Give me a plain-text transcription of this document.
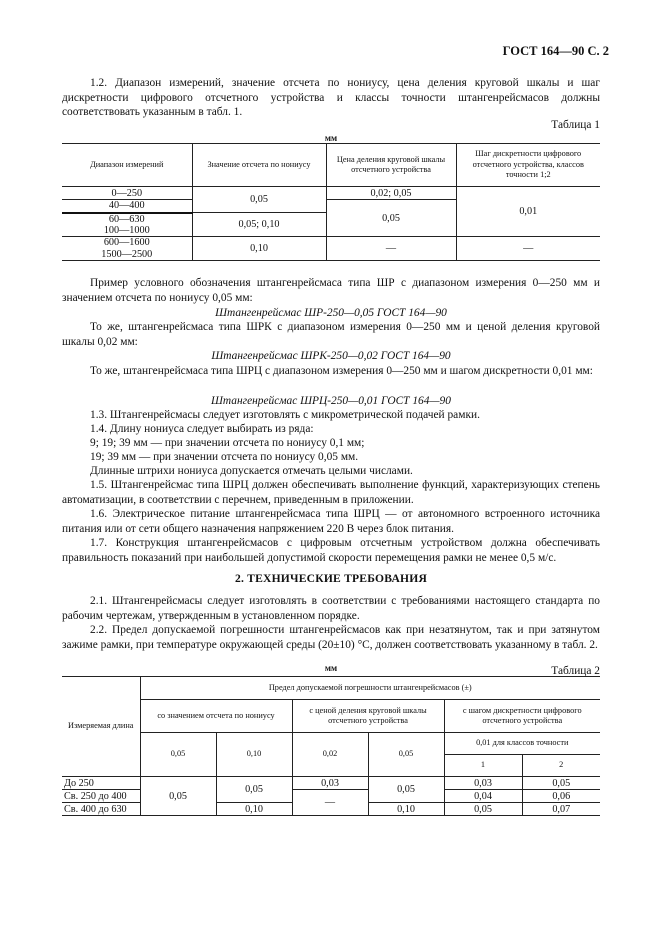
ГОСТ 164—90 С. 2
1.2. Диапазон измерений, значение отсчета по нониусу, цена деления круговой шкалы и шаг дискретности цифрового отсчетного устройства и классы точности штангенрейсмасов должны соответствовать указанным в табл. 1.
Таблица 1
мм
Диапазон измерений	Значение отсчета по нониусу	Цена деления круговой шкалы отсчетного устройства	Шаг дискретности цифрового отсчетного устройства, классов точности 1;2
0—250	0,05	0,02; 0,05	0,01
40—400		0,05	
60—630	0,05; 0,10		
100—1000			
600—1600	0,10	—	—
1500—2500			
Пример условного обозначения штангенрейсмаса типа ШР с диапазоном измерения 0—250 мм и значением отсчета по нониусу 0,05 мм:
Штангенрейсмас ШР-250—0,05 ГОСТ 164—90
То же, штангенрейсмаса типа ШРК с диапазоном измерения 0—250 мм и ценой деления круговой шкалы 0,02 мм:
Штангенрейсмас ШРК-250—0,02 ГОСТ 164—90
То же, штангенрейсмаса типа ШРЦ с диапазоном измерения 0—250 мм и шагом дискретности 0,01 мм:
Штангенрейсмас ШРЦ-250—0,01 ГОСТ 164—90
1.3. Штангенрейсмасы следует изготовлять с микрометрической подачей рамки.
1.4. Длину нониуса следует выбирать из ряда:
9; 19; 39 мм — при значении отсчета по нониусу 0,1 мм;
19; 39 мм — при значении отсчета по нониусу 0,05 мм.
Длинные штрихи нониуса допускается отмечать целыми числами.
1.5. Штангенрейсмас типа ШРЦ должен обеспечивать выполнение функций, характеризующих степень автоматизации, в соответствии с перечнем, приведенным в приложении.
1.6. Электрическое питание штангенрейсмаса типа ШРЦ — от автономного встроенного источника питания или от сети общего назначения напряжением 220 В через блок питания.
1.7. Конструкция штангенрейсмасов с цифровым отсчетным устройством должна обеспечивать правильность показаний при наибольшей допустимой скорости перемещения рамки не менее 0,5 м/с.
2. ТЕХНИЧЕСКИЕ ТРЕБОВАНИЯ
2.1. Штангенрейсмасы следует изготовлять в соответствии с требованиями настоящего стандарта по рабочим чертежам, утвержденным в установленном порядке.
2.2. Предел допускаемой погрешности штангенрейсмасов как при незатянутом, так и при затянутом зажиме рамки, при температуре окружающей среды (20±10) °С, должен соответствовать указанному в табл. 2.
Таблица 2
мм
Измеряемая длина	Предел допускаемой погрешности штангенрейсмасов (±)					
	со значением отсчета по нониусу		с ценой деления круговой шкалы отсчетного устройства		с шагом дискретности цифрового отсчетного устройства	
	0,05	0,10	0,02	0,05	0,01 для классов точности	
					1	2
До 250	0,05	0,05	0,03	0,05	0,03	0,05
Св. 250 до 400			—		0,04	0,06
Св. 400 до 630		0,10		0,10	0,05	0,07
